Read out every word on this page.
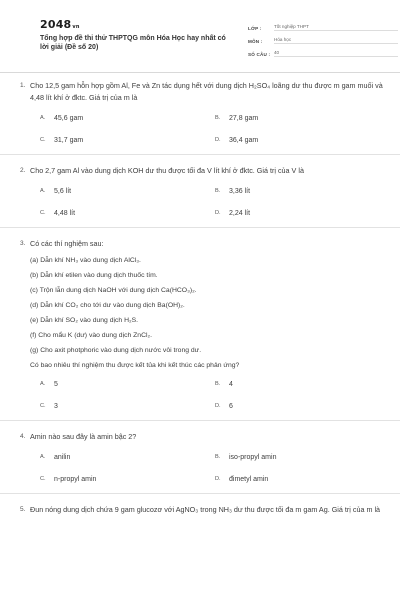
2048vn
Tổng hợp đề thi thử THPTQG môn Hóa Học hay nhất có lời giải (Đề số 20)
LỚP :	Tốt nghiệp THPT
MÔN :	Hóa học
SỐ CÂU : 40
1. Cho 12,5 gam hỗn hợp gồm Al, Fe và Zn tác dụng hết với dung dịch H₂SO₄ loãng dư thu được m gam muối và 4,48 lít khí ở đktc. Giá trị của m là
A.	45,6 gam	B.	27,8 gam
C.	31,7 gam	D.	36,4 gam
2. Cho 2,7 gam Al vào dung dịch KOH dư thu được tối đa V lít khí ở đktc. Giá trị của V là
A.	5,6 lít	B.	3,36 lít
C.	4,48 lít	D.	2,24 lít
3. Có các thí nghiệm sau:
(a) Dẫn khí NH₃ vào dung dịch AlCl₃.
(b) Dẫn khí etilen vào dung dịch thuốc tím.
(c) Trộn lẫn dung dịch NaOH với dung dịch Ca(HCO₃)₂.
(d) Dẫn khí CO₂ cho tới dư vào dung dịch Ba(OH)₂.
(e) Dẫn khí SO₂ vào dung dịch H₂S.
(f) Cho mẩu K (dư) vào dung dịch ZnCl₂.
(g) Cho axit photphoric vào dung dịch nước vôi trong dư.
Có bao nhiêu thí nghiệm thu được kết tủa khi kết thúc các phản ứng?
A.	5	B.	4
C.	3	D.	6
4. Amin nào sau đây là amin bậc 2?
A.	anilin	B.	iso-propyl amin
C.	n-propyl amin	D.	đimetyl amin
5. Đun nóng dung dịch chứa 9 gam glucozơ với AgNO₃ trong NH₃ dư thu được tối đa m gam Ag. Giá trị của m là
